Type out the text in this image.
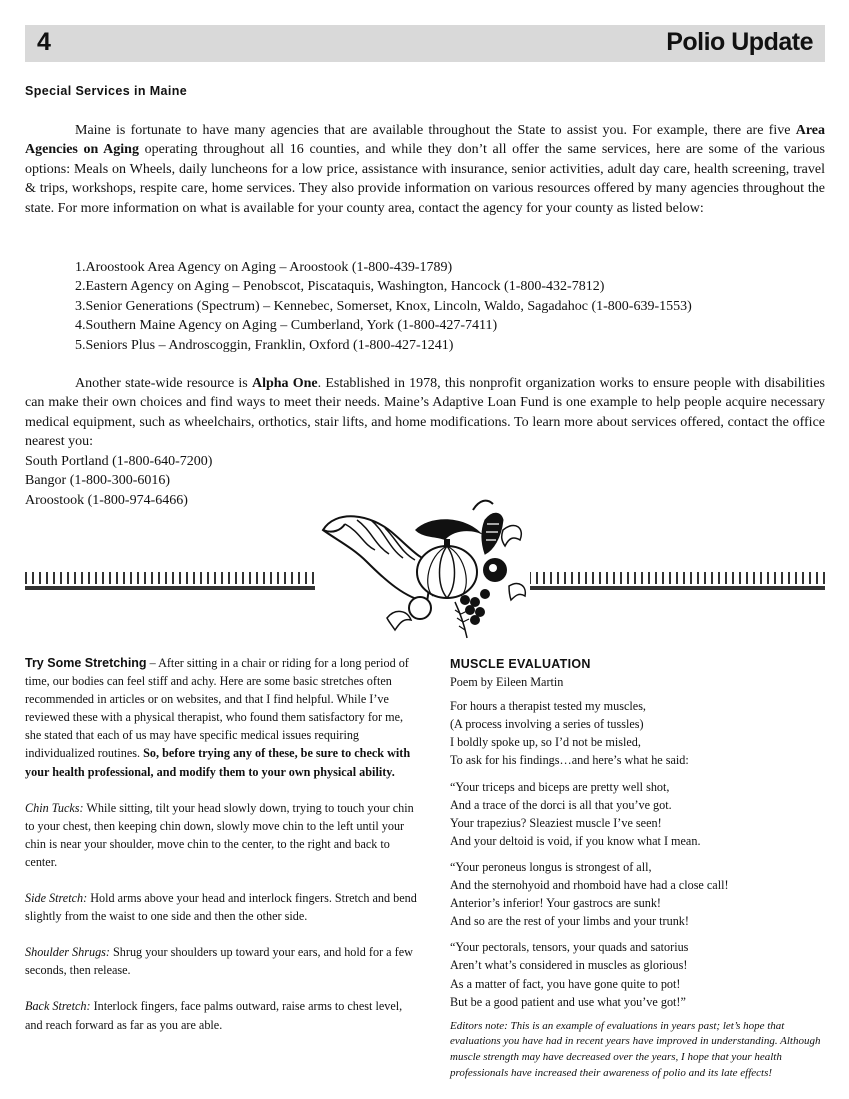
4	Polio Update
Special Services in Maine

Maine is fortunate to have many agencies that are available throughout the State to assist you. For example, there are five Area Agencies on Aging operating throughout all 16 counties, and while they don’t all offer the same services, here are some of the various options: Meals on Wheels, daily luncheons for a low price, assistance with insurance, senior activities, adult day care, health screening, travel & trips, workshops, respite care, home services. They also provide information on various resources offered by many agencies throughout the state. For more information on what is available for your county area, contact the agency for your county as listed below:

1.Aroostook Area Agency on Aging – Aroostook (1-800-439-1789)
2.Eastern Agency on Aging – Penobscot, Piscataquis, Washington, Hancock (1-800-432-7812)
3.Senior Generations (Spectrum) – Kennebec, Somerset, Knox, Lincoln, Waldo, Sagadahoc (1-800-639-1553)
4.Southern Maine Agency on Aging – Cumberland, York (1-800-427-7411)
5.Seniors Plus – Androscoggin, Franklin, Oxford (1-800-427-1241)

Another state-wide resource is Alpha One. Established in 1978, this nonprofit organization works to ensure people with disabilities can make their own choices and find ways to meet their needs. Maine’s Adaptive Loan Fund is one example to help people acquire necessary medical equipment, such as wheelchairs, orthotics, stair lifts, and home modifications. To learn more about services offered, contact the office nearest you:

South Portland (1-800-640-7200)
Bangor (1-800-300-6016)
Aroostook (1-800-974-6466)

Try Some Stretching – After sitting in a chair or riding for a long period of time, our bodies can feel stiff and achy. Here are some basic stretches often recommended in articles or on websites, and that I find helpful. While I’ve reviewed these with a physical therapist, who found them satisfactory for me, she stated that each of us may have specific medical issues requiring individualized routines. So, before trying any of these, be sure to check with your health professional, and modify them to your own physical ability.

Chin Tucks: While sitting, tilt your head slowly down, trying to touch your chin to your chest, then keeping chin down, slowly move chin to the left until your chin is near your shoulder, move chin to the center, to the right and back to center.

Side Stretch: Hold arms above your head and interlock fingers. Stretch and bend slightly from the waist to one side and then the other side.

Shoulder Shrugs: Shrug your shoulders up toward your ears, and hold for a few seconds, then release.

Back Stretch: Interlock fingers, face palms outward, raise arms to chest level, and reach forward as far as you are able.

MUSCLE EVALUATION
Poem by Eileen Martin
For hours a therapist tested my muscles,
(A process involving a series of tussles)
I boldly spoke up, so I’d not be misled,
To ask for his findings…and here’s what he said:
“Your triceps and biceps are pretty well shot,
And a trace of the dorci is all that you’ve got.
Your trapezius? Sleaziest muscle I’ve seen!
And your deltoid is void, if you know what I mean.
“Your peroneus longus is strongest of all,
And the sternohyoid and rhomboid have had a close call!
Anterior’s inferior! Your gastrocs are sunk!
And so are the rest of your limbs and your trunk!
“Your pectorals, tensors, your quads and satorius
Aren’t what’s considered in muscles as glorious!
As a matter of fact, you have gone quite to pot!
But be a good patient and use what you’ve got!”

Editors note: This is an example of evaluations in years past; let’s hope that evaluations you have had in recent years have improved in understanding. Although muscle strength may have decreased over the years, I hope that your health professionals have increased their awareness of polio and its late effects!
